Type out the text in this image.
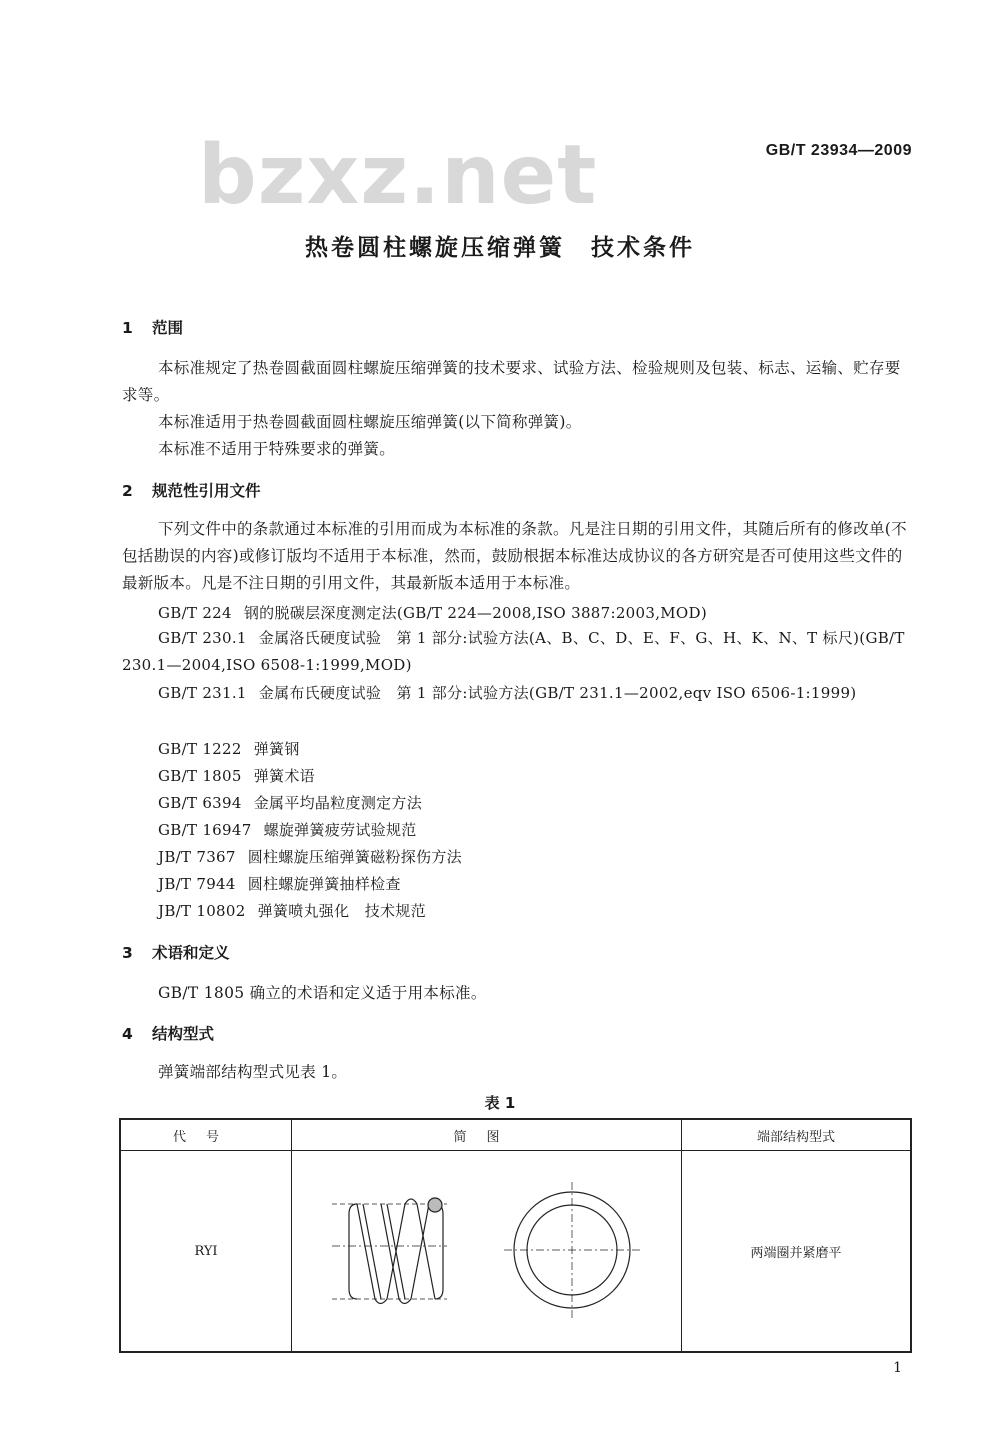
bzxz.net	GB/T 23934—2009
热卷圆柱螺旋压缩弹簧 技术条件
1 范围
本标准规定了热卷圆截面圆柱螺旋压缩弹簧的技术要求、试验方法、检验规则及包装、标志、运输、贮存要求等。
本标准适用于热卷圆截面圆柱螺旋压缩弹簧(以下简称弹簧)。
本标准不适用于特殊要求的弹簧。
2 规范性引用文件
下列文件中的条款通过本标准的引用而成为本标准的条款。凡是注日期的引用文件，其随后所有的修改单(不包括勘误的内容)或修订版均不适用于本标准，然而，鼓励根据本标准达成协议的各方研究是否可使用这些文件的最新版本。凡是不注日期的引用文件，其最新版本适用于本标准。
GB/T 224 钢的脱碳层深度测定法(GB/T 224—2008,ISO 3887:2003,MOD)
GB/T 230.1 金属洛氏硬度试验　第 1 部分:试验方法(A、B、C、D、E、F、G、H、K、N、T 标尺)(GB/T 230.1—2004,ISO 6508-1:1999,MOD)
GB/T 231.1 金属布氏硬度试验　第 1 部分:试验方法(GB/T 231.1—2002,eqv ISO 6506-1:1999)
GB/T 1222 弹簧钢
GB/T 1805 弹簧术语
GB/T 6394 金属平均晶粒度测定方法
GB/T 16947 螺旋弹簧疲劳试验规范
JB/T 7367 圆柱螺旋压缩弹簧磁粉探伤方法
JB/T 7944 圆柱螺旋弹簧抽样检查
JB/T 10802 弹簧喷丸强化　技术规范
3 术语和定义
GB/T 1805 确立的术语和定义适于用本标准。
4 结构型式
弹簧端部结构型式见表 1。
表 1
代号	简图	端部结构型式
RYⅠ		两端圈并紧磨平
1
